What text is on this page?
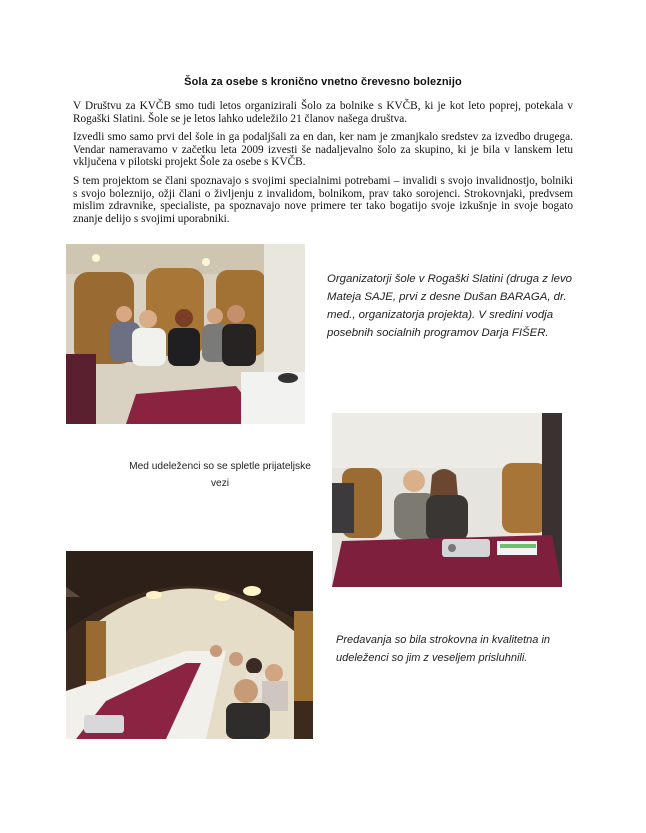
Šola za osebe s kronično vnetno črevesno boleznijo

V Društvu za KVČB smo tudi letos organizirali Šolo za bolnike s KVČB, ki je kot leto poprej, potekala v Rogaški Slatini. Šole se je letos lahko udeležilo 21 članov našega društva.

Izvedli smo samo prvi del šole in ga podaljšali za en dan, ker nam je zmanjkalo sredstev za izvedbo drugega. Vendar nameravamo v začetku leta 2009 izvesti še nadaljevalno šolo za skupino, ki je bila v lanskem letu vključena v pilotski projekt Šole za osebe s KVČB.

S tem projektom se člani spoznavajo s svojimi specialnimi potrebami – invalidi s svojo invalidnostjo, bolniki s svojo boleznijo, ožji člani o življenju z invalidom, bolnikom, prav tako sorojenci. Strokovnjaki, predvsem mislim zdravnike, specialiste, pa spoznavajo nove primere ter tako bogatijo svoje izkušnje in svoje bogato znanje delijo s svojimi uporabniki.

Organizatorji šole v Rogaški Slatini (druga z levo Mateja SAJE, prvi z desne Dušan BARAGA, dr. med., organizatorja projekta). V sredini vodja posebnih socialnih programov Darja FIŠER.
Med udeleženci so se spletle prijateljske vezi
Predavanja so bila strokovna in kvalitetna in udeleženci so jim z veseljem prisluhnili.
